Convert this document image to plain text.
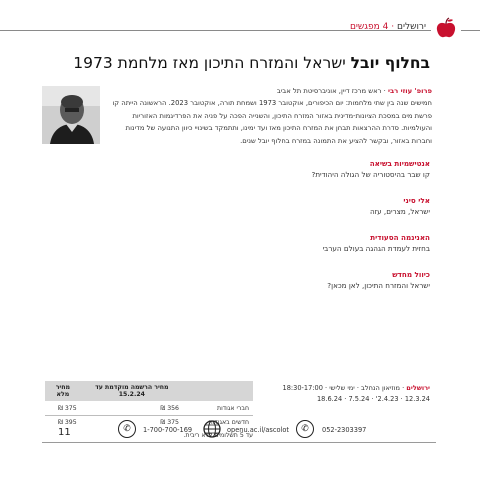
ירושלים · 4 מפגשים
בחלוף יובל ישראל והמזרח התיכון מאז מלחמת 1973
פרופ' עוזי רבי · ראש מרכז דיין, אוניברסיטת תל אביב
חמישים שנה בין שתי מלחמות: יום הכיפורים, אוקטובר 1973 ושמחת תורה, אוקטובר 2023. הראשונה הייתה קו פרשת מים במסכת הציונות-מדינית באזור המזרח התיכון, והשנייה הפכה על פניה את הפרדיגמות האזוריות והעולמיות. סדרת ההרצאות תבחן את המזרח התיכון מאז ועד ימינו, ותתמקד בשינויי כיוון התנועה של מדינות וחברות באזור, ובקשר להציע את התמונה במזרח בחלוף יובל שנים.
אנטישמיות בשיאה
קו שבר בהיסטוריה של הגולה היהודית?
אלי סיני
ישראל, מצרים, עזה
האנינמה הסעודית
בחזית לעמדת הגהגה בעולם הערבי
כיוול מחדש
ישראל והמזרח התיכון, לאן מכאן?
ירושלים · מוזיאון הנחלב · ימי שלישי · 18:30-17:00
12.3.24 · 2.4.23' · 7.5.24 · 18.6.24
	מחיר הרשמה מוקדמת עד 15.2.24	מחיר מלא
חברי אגודות	356 ₪	375 ₪
חדשים באגודות	375 ₪	395 ₪
עד 5 תשלומים ללא ריבית.
11	✆	1-700-700-169	openu.ac.il/ascolot	✆	052-2303397
